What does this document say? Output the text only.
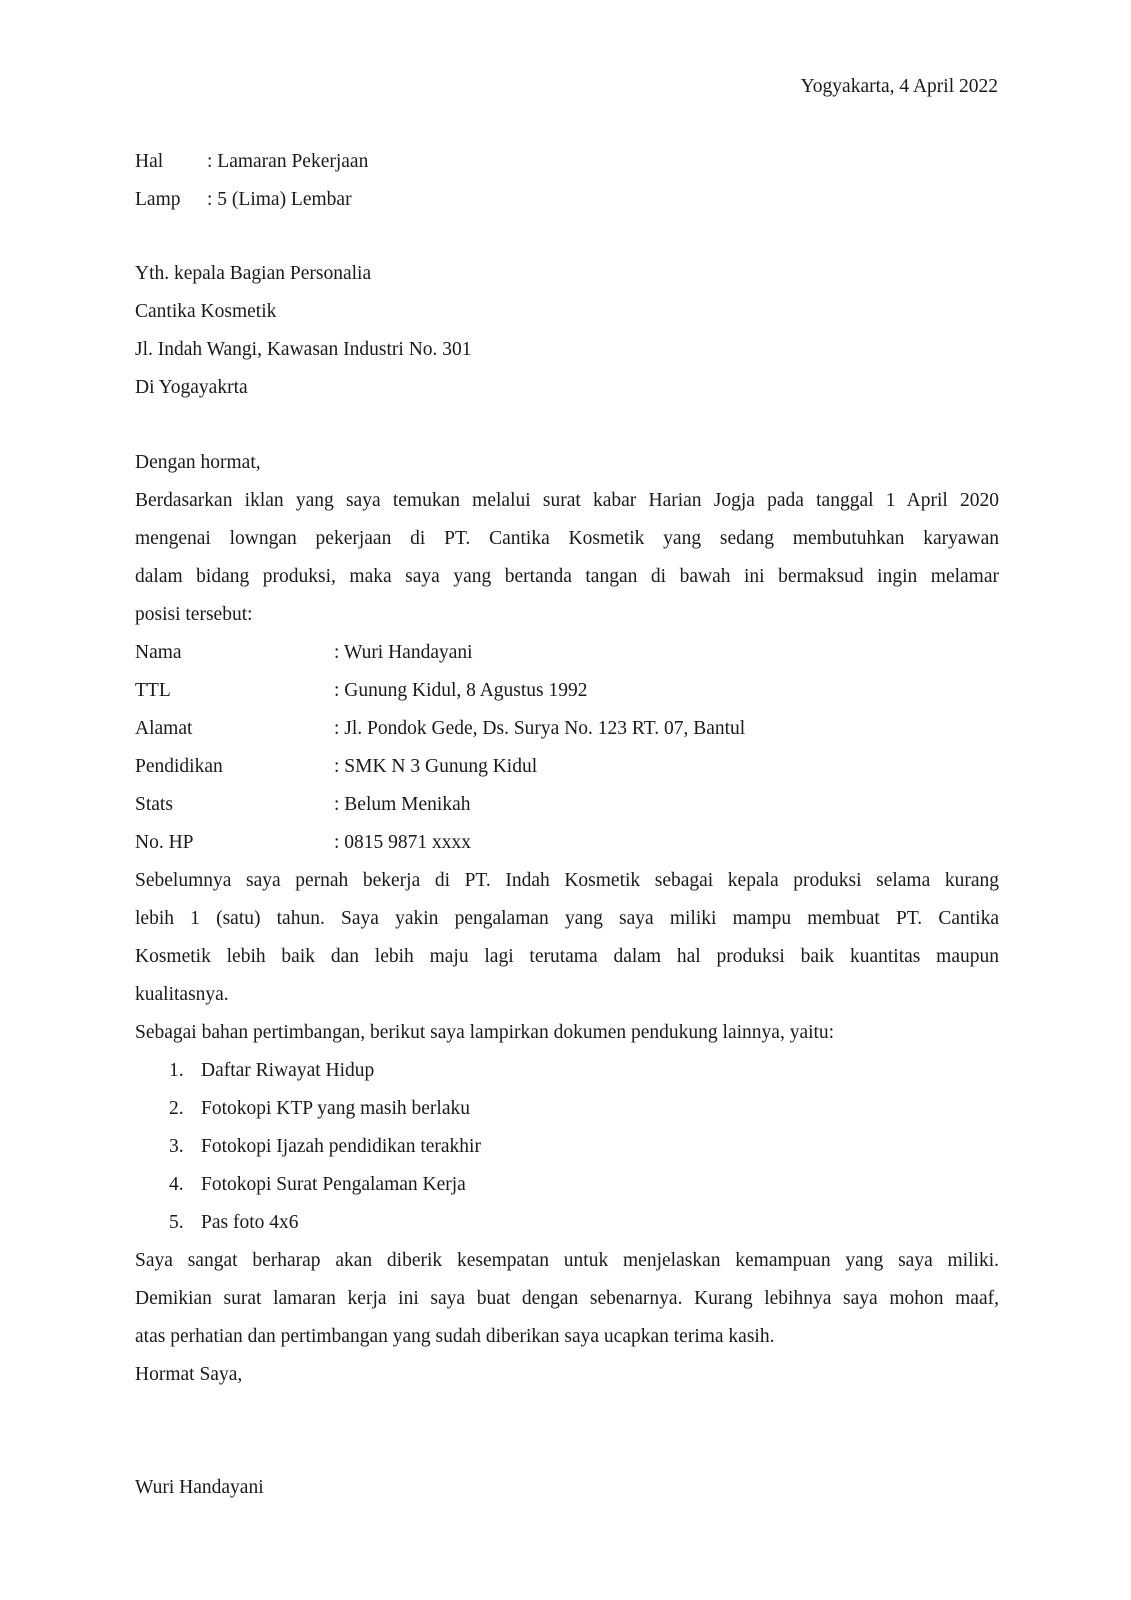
Yogyakarta, 4 April 2022
Hal : Lamaran Pekerjaan
Lamp : 5 (Lima) Lembar
Yth. kepala Bagian Personalia
Cantika Kosmetik
Jl. Indah Wangi, Kawasan Industri No. 301
Di Yogayakrta
Dengan hormat,
Berdasarkan iklan yang saya temukan melalui surat kabar Harian Jogja pada tanggal 1 April 2020
mengenai lowngan pekerjaan di PT. Cantika Kosmetik yang sedang membutuhkan karyawan
dalam bidang produksi, maka saya yang bertanda tangan di bawah ini bermaksud ingin melamar
posisi tersebut:
Nama	: Wuri Handayani
TTL	: Gunung Kidul, 8 Agustus 1992
Alamat	: Jl. Pondok Gede, Ds. Surya No. 123 RT. 07, Bantul
Pendidikan	: SMK N 3 Gunung Kidul
Stats	: Belum Menikah
No. HP	: 0815 9871 xxxx
Sebelumnya saya pernah bekerja di PT. Indah Kosmetik sebagai kepala produksi selama kurang
lebih 1 (satu) tahun. Saya yakin pengalaman yang saya miliki mampu membuat PT. Cantika
Kosmetik lebih baik dan lebih maju lagi terutama dalam hal produksi baik kuantitas maupun
kualitasnya.
Sebagai bahan pertimbangan, berikut saya lampirkan dokumen pendukung lainnya, yaitu:
1. Daftar Riwayat Hidup
2. Fotokopi KTP yang masih berlaku
3. Fotokopi Ijazah pendidikan terakhir
4. Fotokopi Surat Pengalaman Kerja
5. Pas foto 4x6
Saya sangat berharap akan diberik kesempatan untuk menjelaskan kemampuan yang saya miliki.
Demikian surat lamaran kerja ini saya buat dengan sebenarnya. Kurang lebihnya saya mohon maaf,
atas perhatian dan pertimbangan yang sudah diberikan saya ucapkan terima kasih.
Hormat Saya,
Wuri Handayani
